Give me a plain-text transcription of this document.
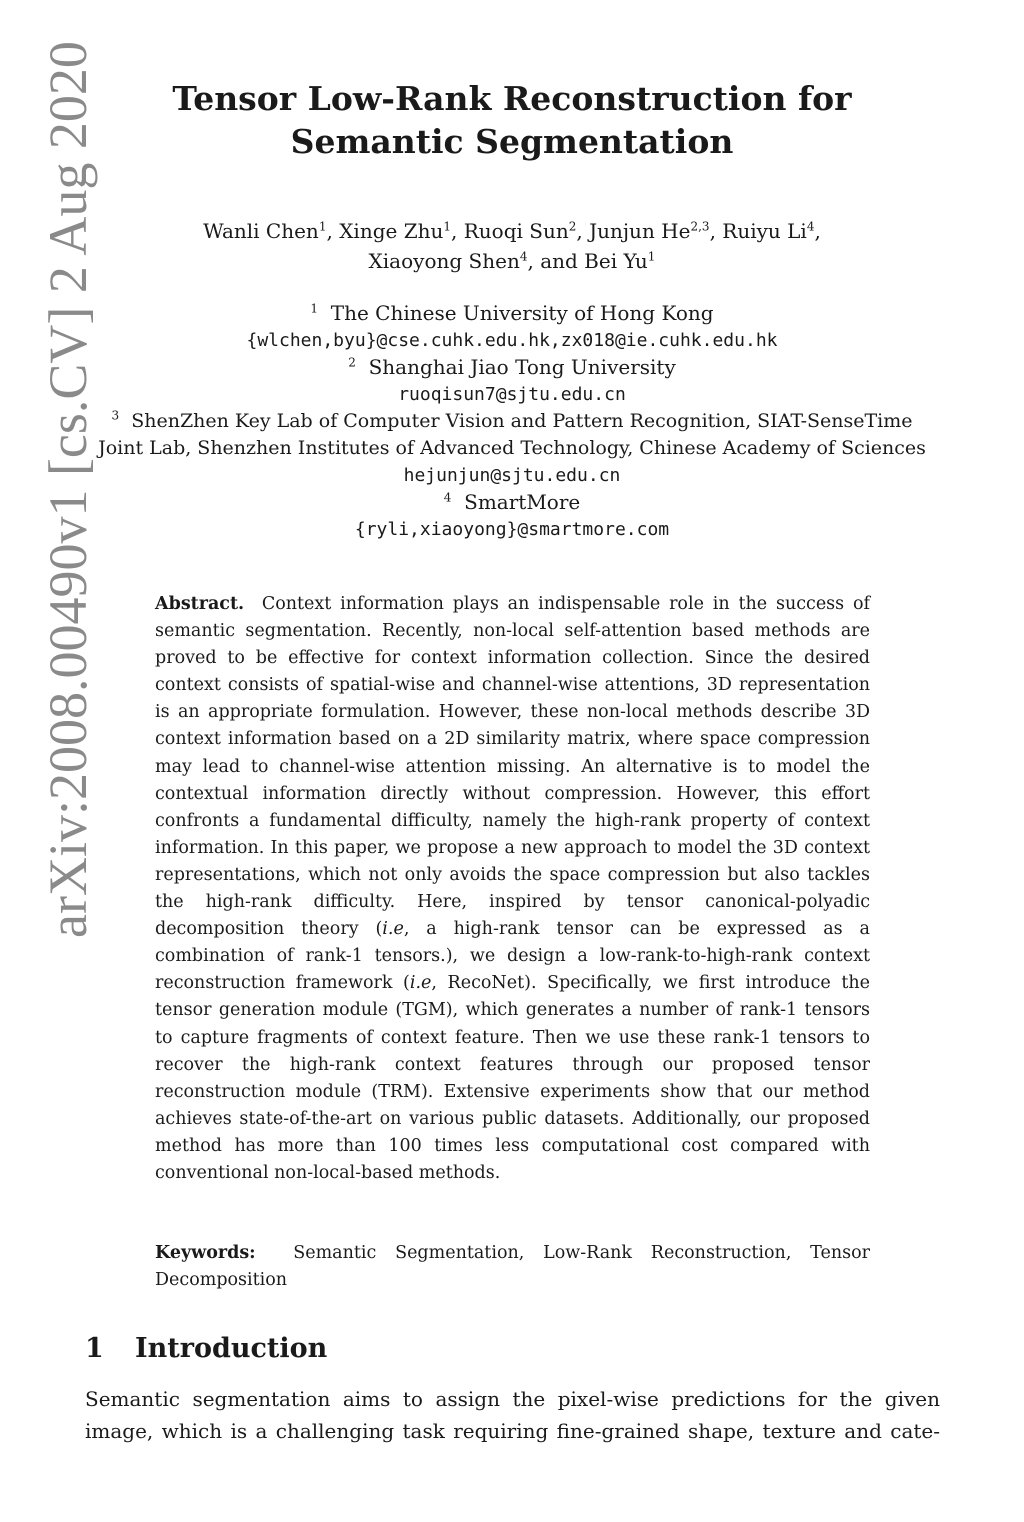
arXiv:2008.00490v1 [cs.CV] 2 Aug 2020	Tensor Low-Rank Reconstruction for
Semantic Segmentation
Wanli Chen$^1$, Xinge Zhu$^1$, Ruoqi Sun$^2$, Junjun He$^{2,3}$, Ruiyu Li$^4$,
Xiaoyong Shen$^4$, and Bei Yu$^1$
$^1$ The Chinese University of Hong Kong
{wlchen,byu}@cse.cuhk.edu.hk,zx018@ie.cuhk.edu.hk
$^2$ Shanghai Jiao Tong University
ruoqisun7@sjtu.edu.cn
$^3$ ShenZhen Key Lab of Computer Vision and Pattern Recognition, SIAT-SenseTime
Joint Lab, Shenzhen Institutes of Advanced Technology, Chinese Academy of Sciences
hejunjun@sjtu.edu.cn
$^4$ SmartMore
{ryli,xiaoyong}@smartmore.com
Abstract. Context information plays an indispensable role in the success of semantic segmentation. Recently, non-local self-attention based methods are proved to be effective for context information collection. Since the desired context consists of spatial-wise and channel-wise attentions, 3D representation is an appropriate formulation. However, these non-local methods describe 3D context information based on a 2D similarity matrix, where space compression may lead to channel-wise attention missing. An alternative is to model the contextual information directly without compression. However, this effort confronts a fundamental difficulty, namely the high-rank property of context information. In this paper, we propose a new approach to model the 3D context representations, which not only avoids the space compression but also tackles the high-rank difficulty. Here, inspired by tensor canonical-polyadic decomposition theory (i.e, a high-rank tensor can be expressed as a combination of rank-1 tensors.), we design a low-rank-to-high-rank context reconstruction framework (i.e, RecoNet). Specifically, we first introduce the tensor generation module (TGM), which generates a number of rank-1 tensors to capture fragments of context feature. Then we use these rank-1 tensors to recover the high-rank context features through our proposed tensor reconstruction module (TRM). Extensive experiments show that our method achieves state-of-the-art on various public datasets. Additionally, our proposed method has more than 100 times less computational cost compared with conventional non-local-based methods.
Keywords: Semantic Segmentation, Low-Rank Reconstruction, Tensor Decomposition
1 Introduction
Semantic segmentation aims to assign the pixel-wise predictions for the given image, which is a challenging task requiring fine-grained shape, texture and cate-
